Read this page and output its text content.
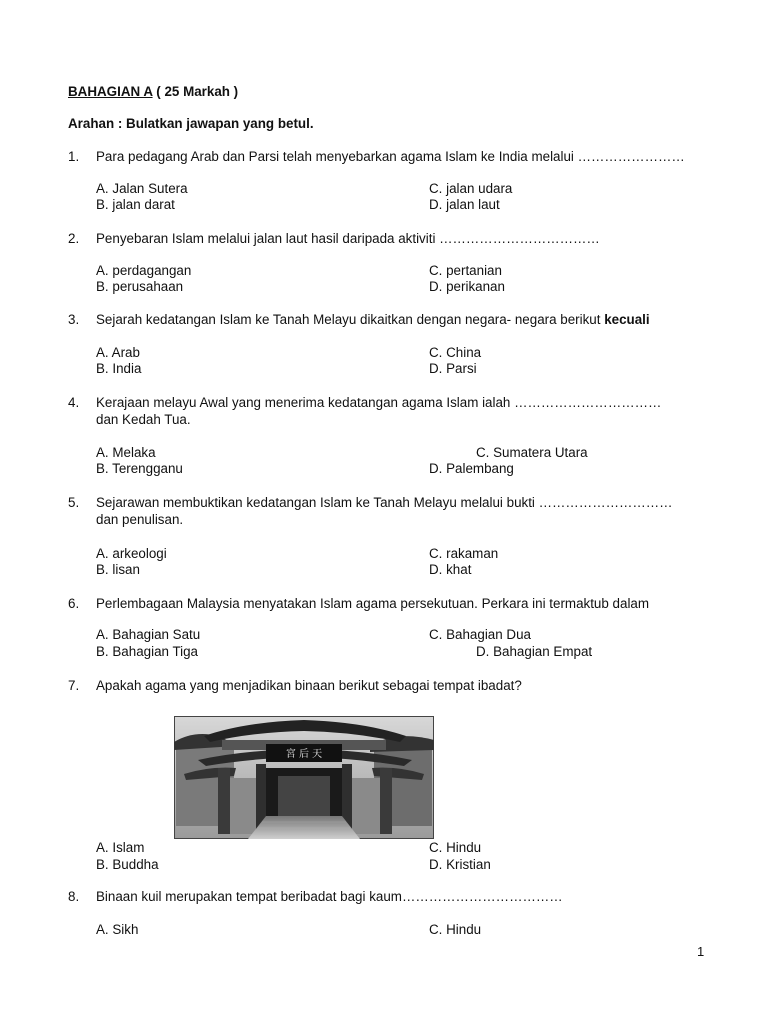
BAHAGIAN A ( 25 Markah )
Arahan : Bulatkan jawapan yang betul.
1. Para pedagang Arab dan Parsi telah menyebarkan agama Islam ke India melalui ……………………
A. Jalan Sutera
B. jalan darat
C. jalan udara
D. jalan laut
2. Penyebaran Islam melalui jalan laut hasil daripada aktiviti ………………………………
A. perdagangan
B. perusahaan
C. pertanian
D. perikanan
3. Sejarah kedatangan Islam ke Tanah Melayu dikaitkan dengan negara- negara berikut kecuali
A. Arab
B. India
C. China
D. Parsi
4. Kerajaan melayu Awal yang menerima kedatangan agama Islam ialah ……………………………
dan Kedah Tua.
A. Melaka
B. Terengganu
C. Sumatera Utara
D. Palembang
5. Sejarawan membuktikan kedatangan Islam ke Tanah Melayu melalui bukti …………………………
dan penulisan.
A. arkeologi
B. lisan
C. rakaman
D. khat
6. Perlembagaan Malaysia menyatakan Islam agama persekutuan. Perkara ini termaktub dalam
A. Bahagian Satu
B. Bahagian Tiga
C. Bahagian Dua
D. Bahagian Empat
7. Apakah agama yang menjadikan binaan berikut sebagai tempat ibadat?
宮 后 天
A. Islam
B. Buddha
C. Hindu
D. Kristian
8. Binaan kuil merupakan tempat beribadat bagi kaum………………………………
A. Sikh	C. Hindu
1
